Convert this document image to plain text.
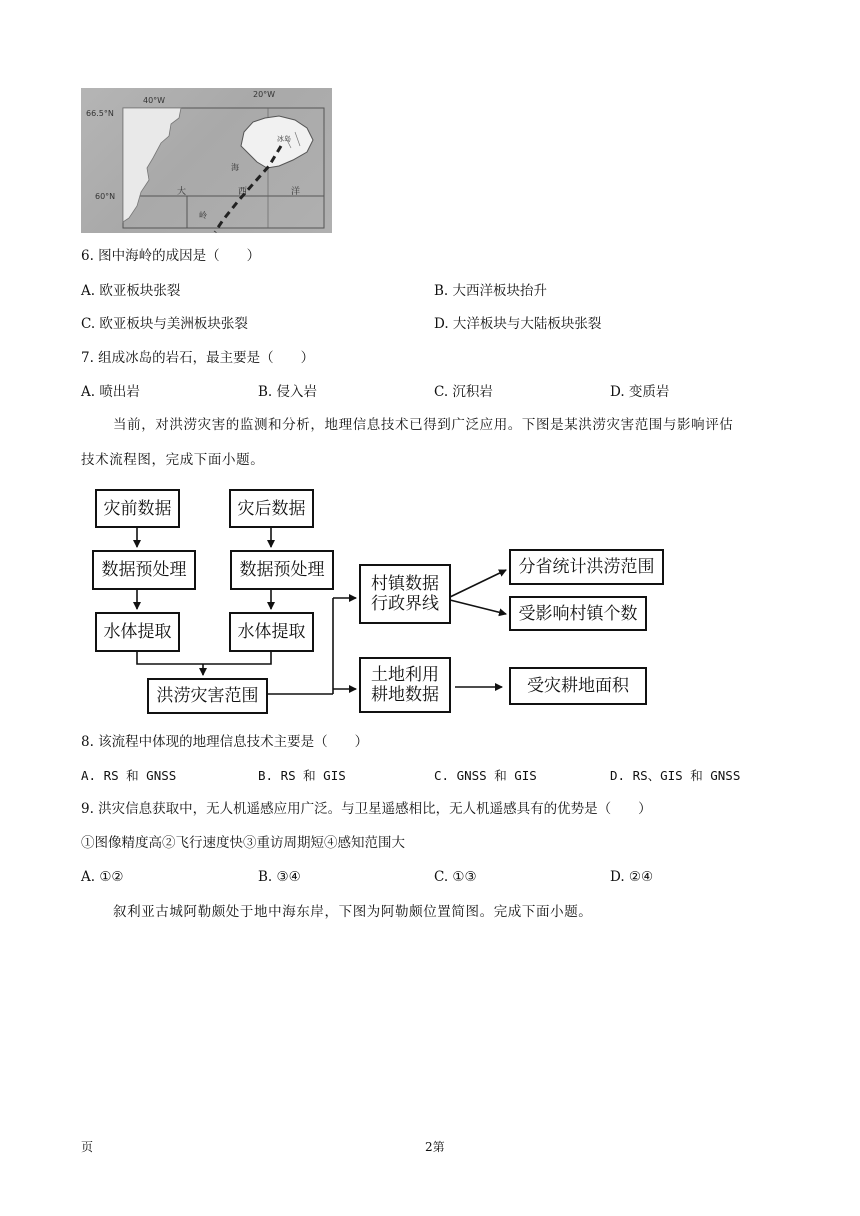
66.5°N
60°N
40°W
20°W
冰岛
海
岭
大	西	洋
6. 图中海岭的成因是（　　）
A. 欧亚板块张裂	B. 大西洋板块抬升
C. 欧亚板块与美洲板块张裂	D. 大洋板块与大陆板块张裂
7. 组成冰岛的岩石，最主要是（　　）
A. 喷出岩	B. 侵入岩	C. 沉积岩	D. 变质岩
当前，对洪涝灾害的监测和分析，地理信息技术已得到广泛应用。下图是某洪涝灾害范围与影响评估
技术流程图，完成下面小题。
灾前数据	灾后数据
数据预处理	数据预处理
水体提取	水体提取
洪涝灾害范围
村镇数据
行政界线
土地利用
耕地数据
分省统计洪涝范围
受影响村镇个数
受灾耕地面积
8. 该流程中体现的地理信息技术主要是（　　）
A. RS 和 GNSS	B. RS 和 GIS	C. GNSS 和 GIS	D. RS、GIS 和 GNSS
9. 洪灾信息获取中，无人机遥感应用广泛。与卫星遥感相比，无人机遥感具有的优势是（　　）
①图像精度高②飞行速度快③重访周期短④感知范围大
A. ①②	B. ③④	C. ①③	D. ②④
叙利亚古城阿勒颇处于地中海东岸，下图为阿勒颇位置简图。完成下面小题。
页	2第
